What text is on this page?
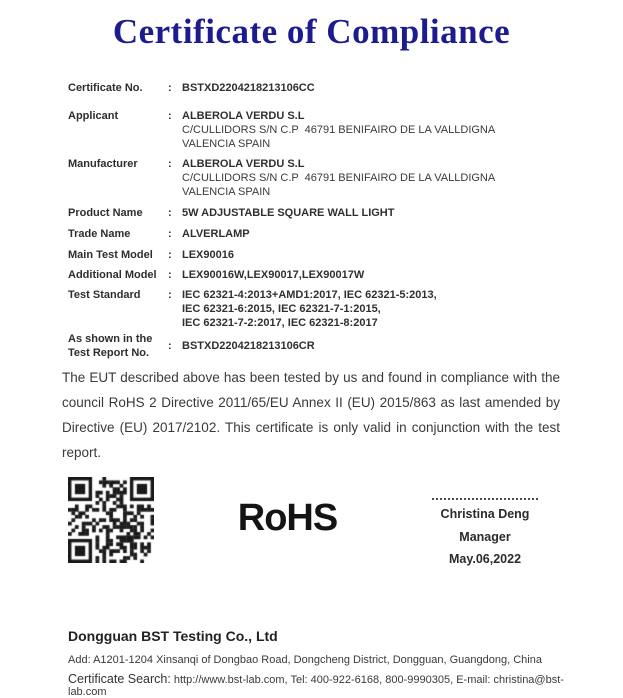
Certificate of Compliance
Certificate No.	: BSTXD2204218213106CC
Applicant	: ALBEROLA VERDU S.L
C/CULLIDORS S/N C.P  46791 BENIFAIRO DE LA VALLDIGNA
VALENCIA SPAIN
Manufacturer	: ALBEROLA VERDU S.L
C/CULLIDORS S/N C.P  46791 BENIFAIRO DE LA VALLDIGNA
VALENCIA SPAIN
Product Name	: 5W ADJUSTABLE SQUARE WALL LIGHT
Trade Name	: ALVERLAMP
Main Test Model	: LEX90016
Additional Model	: LEX90016W,LEX90017,LEX90017W
Test Standard	: IEC 62321-4:2013+AMD1:2017, IEC 62321-5:2013,
IEC 62321-6:2015, IEC 62321-7-1:2015,
IEC 62321-7-2:2017, IEC 62321-8:2017
As shown in the
Test Report No.
: BSTXD2204218213106CR
The EUT described above has been tested by us and found in compliance with the council RoHS 2 Directive 2011/65/EU Annex II (EU) 2015/863 as last amended by Directive (EU) 2017/2102. This certificate is only valid in conjunction with the test report.
RoHS	Christina Deng
Manager
May.06,2022
Dongguan BST Testing Co., Ltd
Add: A1201-1204 Xinsanqi of Dongbao Road, Dongcheng District, Dongguan, Guangdong, China
Certificate Search: http://www.bst-lab.com, Tel: 400-922-6168, 800-9990305, E-mail: christina@bst-lab.com
